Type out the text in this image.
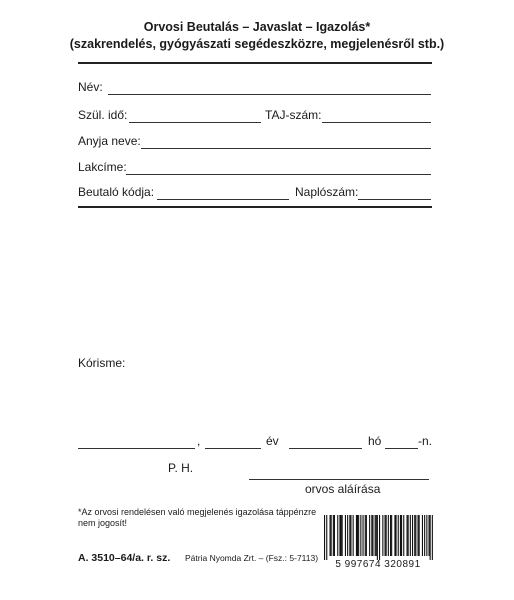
Orvosi Beutalás – Javaslat – Igazolás*
(szakrendelés, gyógyászati segédeszközre, megjelenésről stb.)
Név:
Szül. idő:	TAJ-szám:
Anyja neve:
Lakcíme:
Beutaló kódja:	Naplószám:
Kórisme:
,	év	hó	-n.
P. H.
orvos aláírása
*Az orvosi rendelésen való megjelenés igazolása táppénzre nem jogosít!
A. 3510–64/a. r. sz. Pátria Nyomda Zrt. – (Fsz.: 5-7113)
5 997674 320891
